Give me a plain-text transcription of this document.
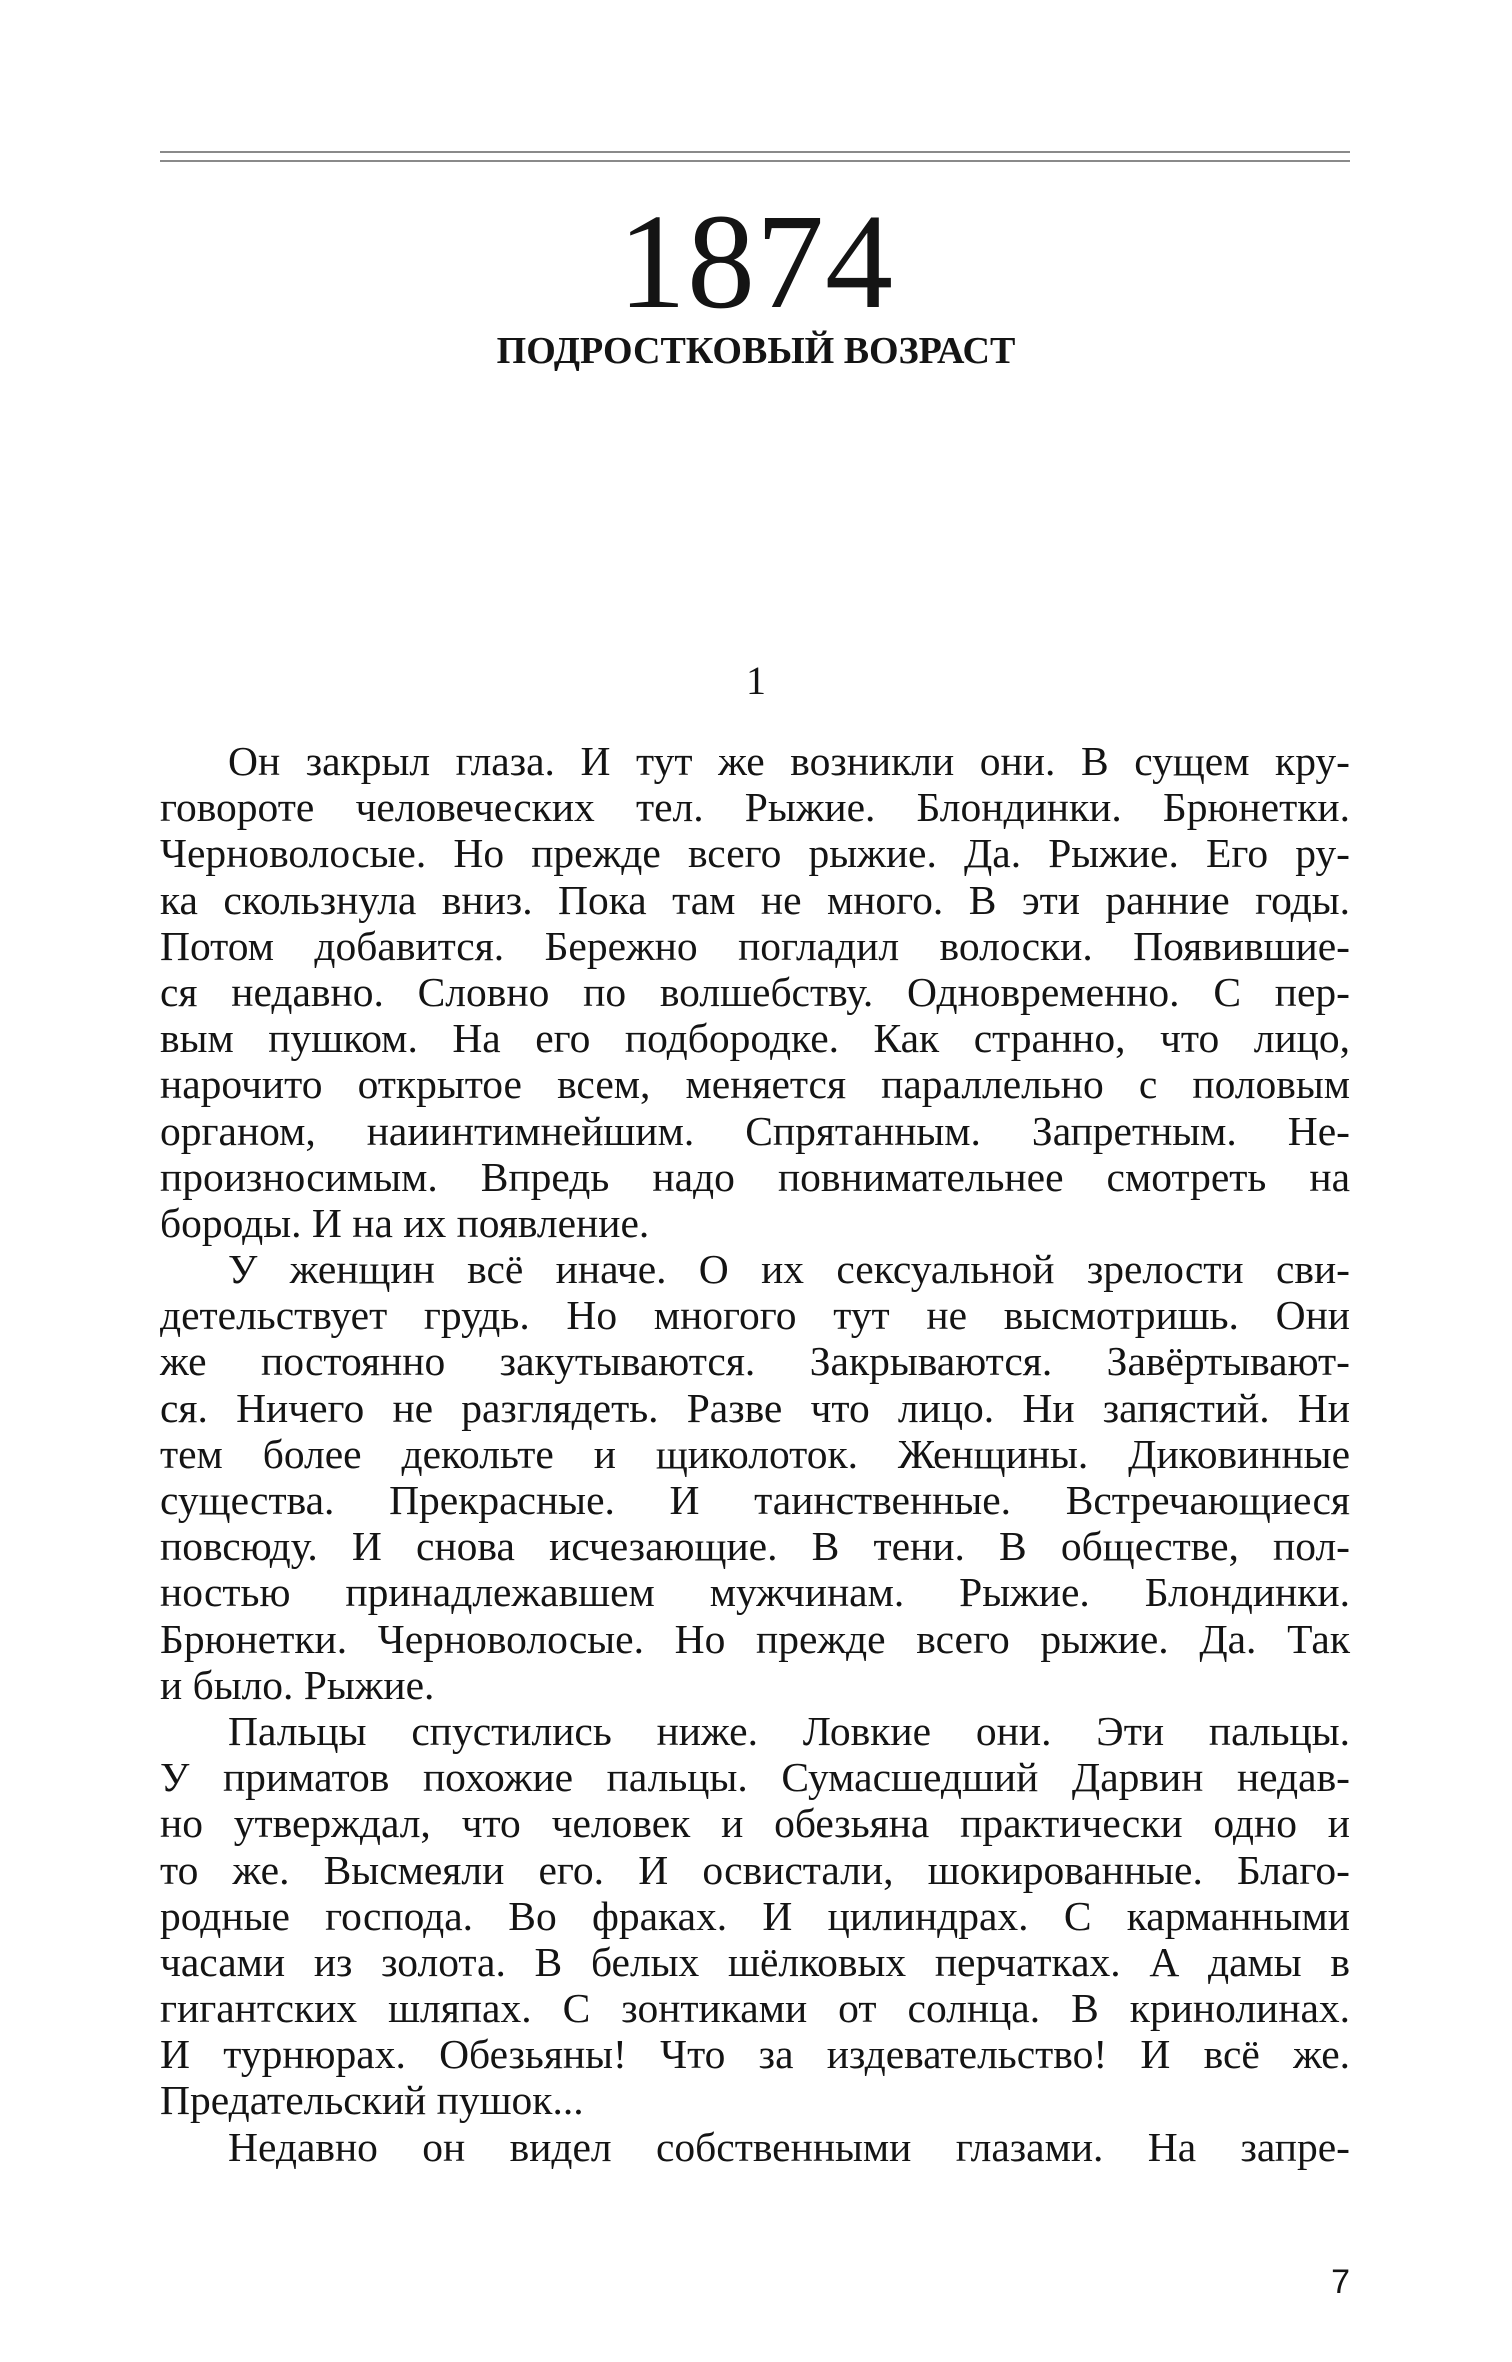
1874
ПОДРОСТКОВЫЙ ВОЗРАСТ
1
Он закрыл глаза. И тут же возникли они. В сущем кру-
говороте человеческих тел. Рыжие. Блондинки. Брюнетки.
Черноволосые. Но прежде всего рыжие. Да. Рыжие. Его ру-
ка скользнула вниз. Пока там не много. В эти ранние годы.
Потом добавится. Бережно погладил волоски. Появившие-
ся недавно. Словно по волшебству. Одновременно. С пер-
вым пушком. На его подбородке. Как странно, что лицо,
нарочито открытое всем, меняется параллельно с половым
органом, наиинтимнейшим. Спрятанным. Запретным. Не-
произносимым. Впредь надо повнимательнее смотреть на
бороды. И на их появление.
У женщин всё иначе. О их сексуальной зрелости сви-
детельствует грудь. Но многого тут не высмотришь. Они
же постоянно закутываются. Закрываются. Завёртывают-
ся. Ничего не разглядеть. Разве что лицо. Ни запястий. Ни
тем более декольте и щиколоток. Женщины. Диковинные
существа. Прекрасные. И таинственные. Встречающиеся
повсюду. И снова исчезающие. В тени. В обществе, пол-
ностью принадлежавшем мужчинам. Рыжие. Блондинки.
Брюнетки. Черноволосые. Но прежде всего рыжие. Да. Так
и было. Рыжие.
Пальцы спустились ниже. Ловкие они. Эти пальцы.
У приматов похожие пальцы. Сумасшедший Дарвин недав-
но утверждал, что человек и обезьяна практически одно и
то же. Высмеяли его. И освистали, шокированные. Благо-
родные господа. Во фраках. И цилиндрах. С карманными
часами из золота. В белых шёлковых перчатках. А дамы в
гигантских шляпах. С зонтиками от солнца. В кринолинах.
И турнюрах. Обезьяны! Что за издевательство! И всё же.
Предательский пушок...
Недавно он видел собственными глазами. На запре-
7
